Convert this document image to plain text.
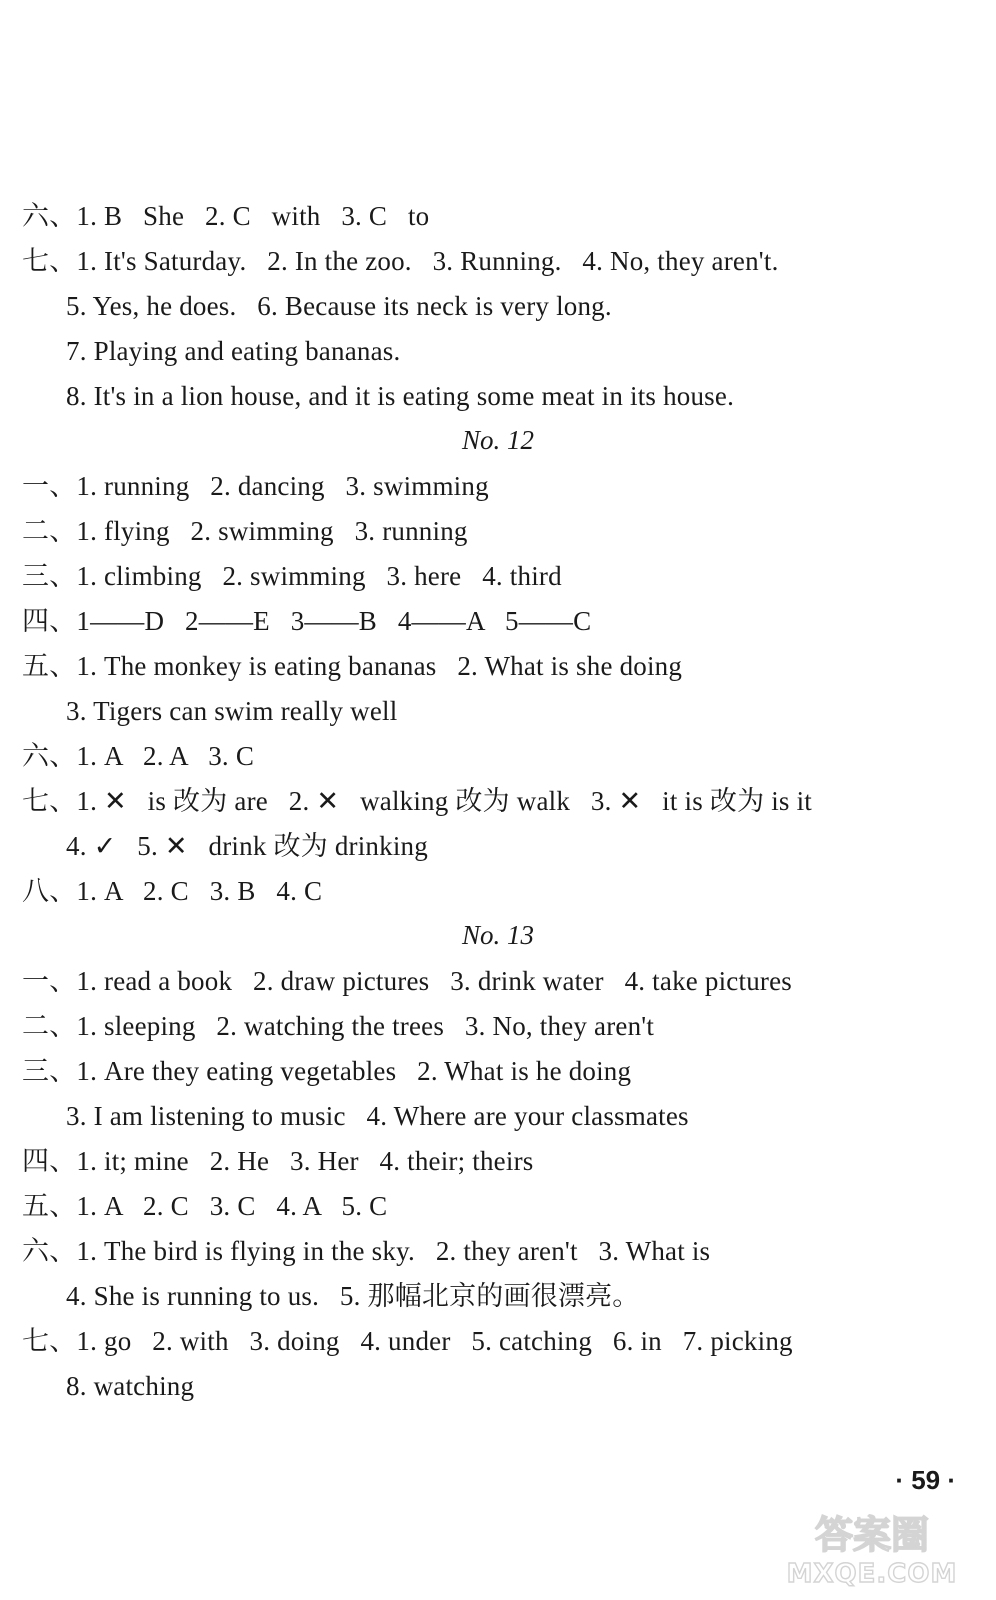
六、1. B   She   2. C   with   3. C   to
七、1. It's Saturday.   2. In the zoo.   3. Running.   4. No, they aren't.
5. Yes, he does.   6. Because its neck is very long.
7. Playing and eating bananas.
8. It's in a lion house, and it is eating some meat in its house.
No. 12
一、1. running   2. dancing   3. swimming
二、1. flying   2. swimming   3. running
三、1. climbing   2. swimming   3. here   4. third
四、1——D   2——E   3——B   4——A   5——C
五、1. The monkey is eating bananas   2. What is she doing
3. Tigers can swim really well
六、1. A   2. A   3. C
七、1. ✕   is 改为 are   2. ✕   walking 改为 walk   3. ✕   it is 改为 is it
4. ✓   5. ✕   drink 改为 drinking
八、1. A   2. C   3. B   4. C
No. 13
一、1. read a book   2. draw pictures   3. drink water   4. take pictures
二、1. sleeping   2. watching the trees   3. No, they aren't
三、1. Are they eating vegetables   2. What is he doing
3. I am listening to music   4. Where are your classmates
四、1. it; mine   2. He   3. Her   4. their; theirs
五、1. A   2. C   3. C   4. A   5. C
六、1. The bird is flying in the sky.   2. they aren't   3. What is
4. She is running to us.   5. 那幅北京的画很漂亮。
七、1. go   2. with   3. doing   4. under   5. catching   6. in   7. picking
8. watching
· 59 ·
答案圈
MXQE.COM
